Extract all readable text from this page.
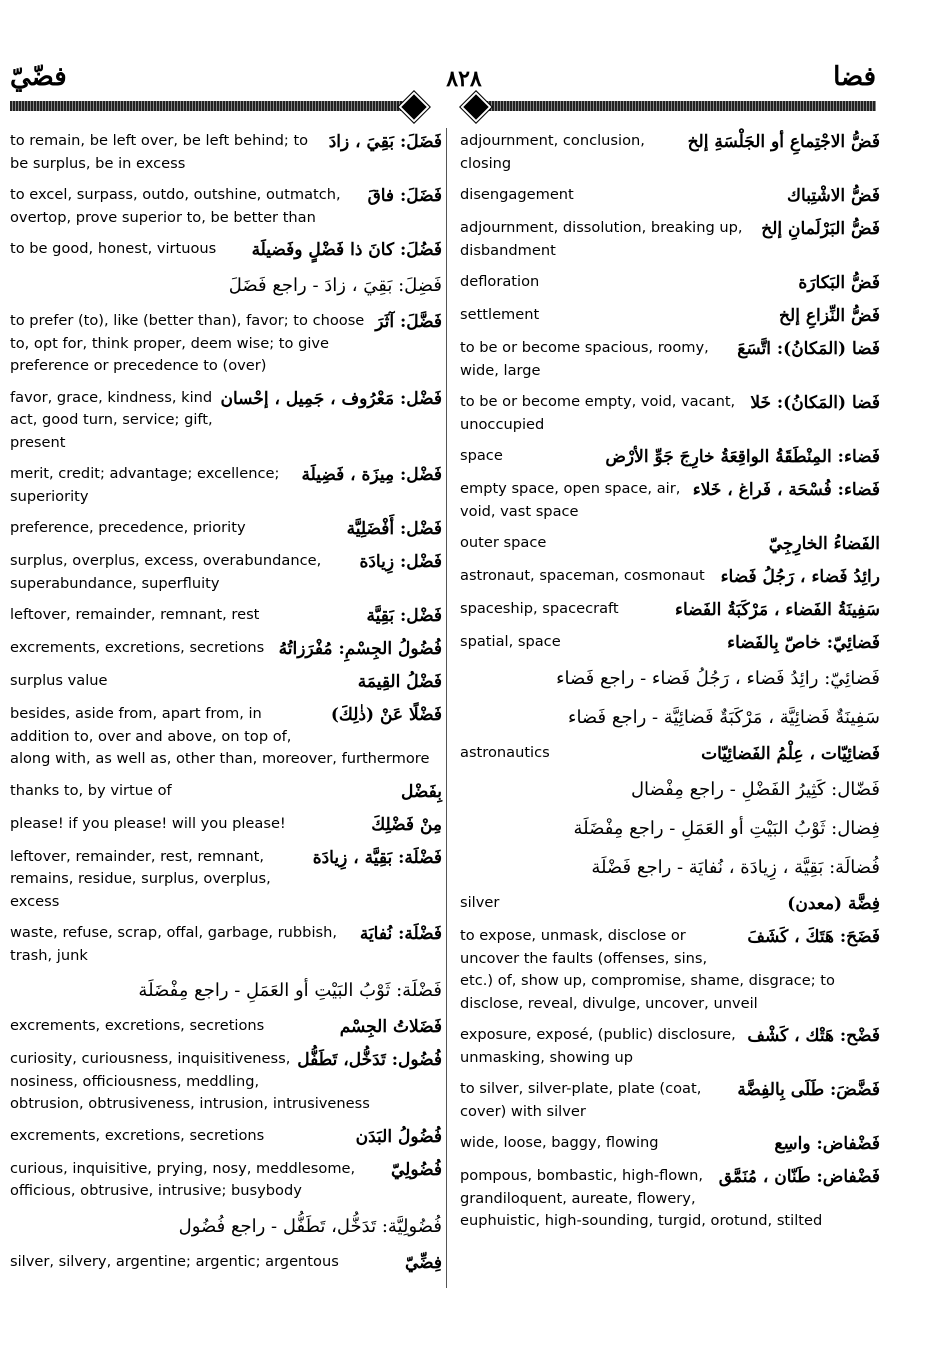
فضّيّ	٨٢٨	فضا
فَضَلَ: بَقِيَ ، زادَ
to remain, be left over, be left behind; to be surplus, be in excess
فَضَلَ: فاقَ
to excel, surpass, outdo, outshine, outmatch, overtop, prove superior to, be better than
فَضُلَ: كانَ ذا فَضْلٍ وفَضيلَة
to be good, honest, virtuous
فَضِلَ: بَقِيَ ، زادَ - راجع فَضَلَ
فَضَّلَ: آثَرَ
to prefer (to), like (better than), favor; to choose to, opt for, think proper, deem wise; to give preference or precedence to (over)
فَضْل: مَعْرُوف ، جَمِيل ، إحْسان
favor, grace, kindness, kind act, good turn, service; gift, present
فَضْل: مِيزَة ، فَضِيلَة
merit, credit; advantage; excellence; superiority
فَضْل: أَفْضَلِيَّة
preference, precedence, priority
فَضْل: زِيادَة
surplus, overplus, excess, overabundance, superabundance, superfluity
فَضْل: بَقِيَّة
leftover, remainder, remnant, rest
فُضُولُ الجِسْمِ: مُفْرَزاتُهُ
excrements, excretions, secretions
فَضْلُ القِيمَة
surplus value
فَضْلًا عَنْ (ذٰلِكَ)
besides, aside from, apart from, in addition to, over and above, on top of, along with, as well as, other than, moreover, furthermore
بِفَضْل
thanks to, by virtue of
مِنْ فَضْلِكَ
please! if you please! will you please!
فَضْلَة: بَقِيَّة ، زِيادَة
leftover, remainder, rest, remnant, remains, residue, surplus, overplus, excess
فَضْلَة: نُفايَة
waste, refuse, scrap, offal, garbage, rubbish, trash, junk
فَضْلَة: ثَوْبُ البَيْتِ أو العَمَلِ - راجع مِفْضَلَة
فَضَلاتُ الجِسْم
excrements, excretions, secretions
فُضُول: تَدَخُّل، تَطَفُّل
curiosity, curiousness, inquisitiveness, nosiness, officiousness, meddling, obtrusion, obtrusiveness, intrusion, intrusiveness
فُضُولُ البَدَن
excrements, excretions, secretions
فُضُولِيّ
curious, inquisitive, prying, nosy, meddlesome, officious, obtrusive, intrusive; busybody
فُضُولِيَّة: تَدَخُّل، تَطَفُّل - راجع فُضُول
فِضِّيّ
silver, silvery, argentine; argentic; argentous
فَضُّ الاجْتِماعِ أو الجَلْسَةِ إلخ
adjournment, conclusion, closing
فَضُّ الاشْتِباك
disengagement
فَضُّ البَرْلَمانِ إلخ
adjournment, dissolution, breaking up, disbandment
فَضُّ البَكارَة
defloration
فَضُّ النِّزاعِ إلخ
settlement
فَضا (المَكانُ): اتَّسَعَ
to be or become spacious, roomy, wide, large
فَضا (المَكانُ): خَلا
to be or become empty, void, vacant, unoccupied
فَضاء: المِنْطَقَةُ الواقِعَةُ خارِجَ جَوِّ الأرْض
space
فَضاء: فُسْحَة ، فَراغ ، خَلاء
empty space, open space, air, void, vast space
الفَضاءُ الخارِجِيّ
outer space
رائِدُ فَضاء ، رَجُلُ فَضاء
astronaut, spaceman, cosmonaut
سَفِينَةُ الفَضاء ، مَرْكَبَةُ الفَضاء
spaceship, spacecraft
فَضائِيّ: خاصّ بِالفَضاء
spatial, space
فَضائِيّ: رائِدُ فَضاء ، رَجُلُ فَضاء - راجع فَضاء
سَفِينَةٌ فَضائِيَّة ، مَرْكَبَةٌ فَضائِيَّة - راجع فَضاء
فَضائِيّات ، عِلْمُ الفَضائِيّات
astronautics
فَضّال: كَثِيرُ الفَضْلِ - راجع مِفْضال
فِضال: ثَوْبُ البَيْتِ أو العَمَلِ - راجع مِفْضَلَة
فُضالَة: بَقِيَّة ، زِيادَة ، نُفايَة - راجع فَضْلَة
فِضَّة (معدن)
silver
فَضَحَ: هَتَكَ ، كَشَفَ
to expose, unmask, disclose or uncover the faults (offenses, sins, etc.) of, show up, compromise, shame, disgrace; to disclose, reveal, divulge, uncover, unveil
فَضْح: هَتْك ، كَشْف
exposure, exposé, (public) disclosure, unmasking, showing up
فَضَّضَ: طَلَى بِالفِضَّة
to silver, silver-plate, plate (coat, cover) with silver
فَضْفاض: واسِع
wide, loose, baggy, flowing
فَضْفاض: طَنّان ، مُنَمَّق
pompous, bombastic, high-flown, grandiloquent, aureate, flowery, euphuistic, high-sounding, turgid, orotund, stilted
